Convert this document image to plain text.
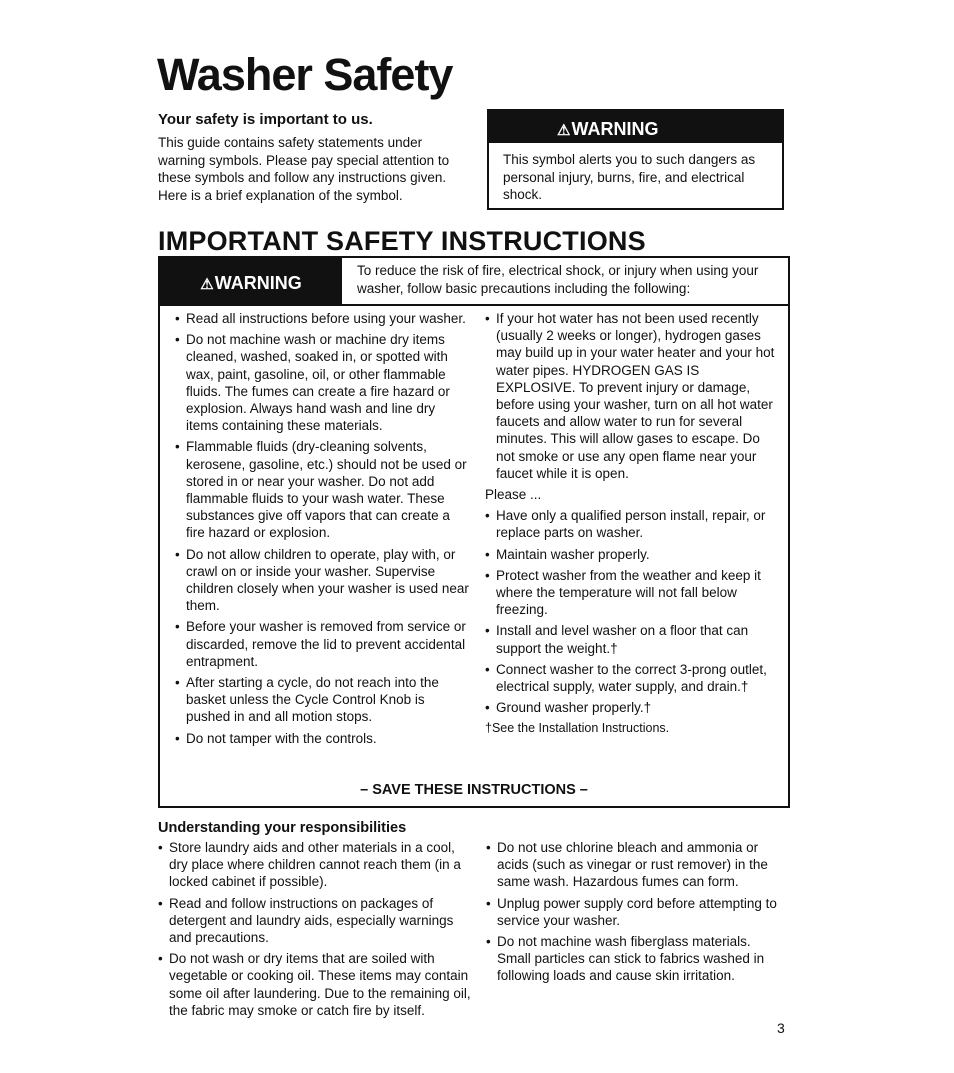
Washer Safety
Your safety is important to us.
This guide contains safety statements under warning symbols. Please pay special attention to these symbols and follow any instructions given. Here is a brief explanation of the symbol.
⚠WARNING
This symbol alerts you to such dangers as personal injury, burns, fire, and electrical shock.
IMPORTANT SAFETY INSTRUCTIONS
⚠WARNING
To reduce the risk of fire, electrical shock, or injury when using your washer, follow basic precautions including the following:
• Read all instructions before using your washer.
• Do not machine wash or machine dry items cleaned, washed, soaked in, or spotted with wax, paint, gasoline, oil, or other flammable fluids. The fumes can create a fire hazard or explosion. Always hand wash and line dry items containing these materials.
• Flammable fluids (dry-cleaning solvents, kerosene, gasoline, etc.) should not be used or stored in or near your washer. Do not add flammable fluids to your wash water. These substances give off vapors that can create a fire hazard or explosion.
• Do not allow children to operate, play with, or crawl on or inside your washer. Supervise children closely when your washer is used near them.
• Before your washer is removed from service or discarded, remove the lid to prevent accidental entrapment.
• After starting a cycle, do not reach into the basket unless the Cycle Control Knob is pushed in and all motion stops.
• Do not tamper with the controls.
• If your hot water has not been used recently (usually 2 weeks or longer), hydrogen gases may build up in your water heater and your hot water pipes. HYDROGEN GAS IS EXPLOSIVE. To prevent injury or damage, before using your washer, turn on all hot water faucets and allow water to run for several minutes. This will allow gases to escape. Do not smoke or use any open flame near your faucet while it is open.
Please ...
• Have only a qualified person install, repair, or replace parts on washer.
• Maintain washer properly.
• Protect washer from the weather and keep it where the temperature will not fall below freezing.
• Install and level washer on a floor that can support the weight.†
• Connect washer to the correct 3-prong outlet, electrical supply, water supply, and drain.†
• Ground washer properly.†
†See the Installation Instructions.
– SAVE THESE INSTRUCTIONS –
Understanding your responsibilities
• Store laundry aids and other materials in a cool, dry place where children cannot reach them (in a locked cabinet if possible).
• Read and follow instructions on packages of detergent and laundry aids, especially warnings and precautions.
• Do not wash or dry items that are soiled with vegetable or cooking oil. These items may contain some oil after laundering. Due to the remaining oil, the fabric may smoke or catch fire by itself.
• Do not use chlorine bleach and ammonia or acids (such as vinegar or rust remover) in the same wash. Hazardous fumes can form.
• Unplug power supply cord before attempting to service your washer.
• Do not machine wash fiberglass materials. Small particles can stick to fabrics washed in following loads and cause skin irritation.
3
